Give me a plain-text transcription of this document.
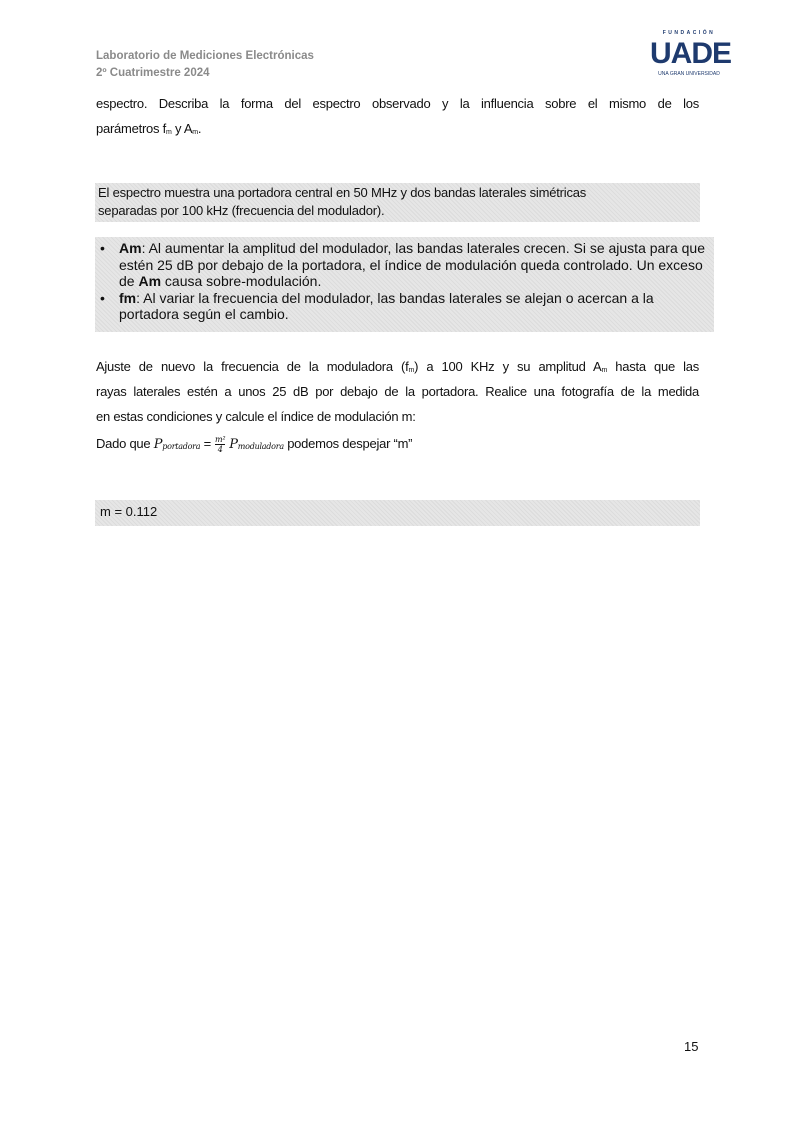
Laboratorio de Mediciones Electrónicas
2º Cuatrimestre 2024
FUNDACIÓN
UADE
UNA GRAN UNIVERSIDAD
espectro. Describa la forma del espectro observado y la influencia sobre el mismo de los
parámetros $f_m$ y $A_m$.
El espectro muestra una portadora central en 50 MHz y dos bandas laterales simétricas
separadas por 100 kHz (frecuencia del modulador).
• Am: Al aumentar la amplitud del modulador, las bandas laterales crecen. Si se ajusta para que estén 25 dB por debajo de la portadora, el índice de modulación queda controlado. Un exceso de Am causa sobre-modulación.
• fm: Al variar la frecuencia del modulador, las bandas laterales se alejan o acercan a la portadora según el cambio.
Ajuste de nuevo la frecuencia de la moduladora $(f_m)$ a 100 KHz y su amplitud $A_m$ hasta que las
rayas laterales estén a unos 25 dB por debajo de la portadora. Realice una fotografía de la medida
en estas condiciones y calcule el índice de modulación m:
Dado que $P_{portadora} = \frac{\text{m²}}{4} P_{moduladora}$ podemos despejar “m”
m = 0.112
15
